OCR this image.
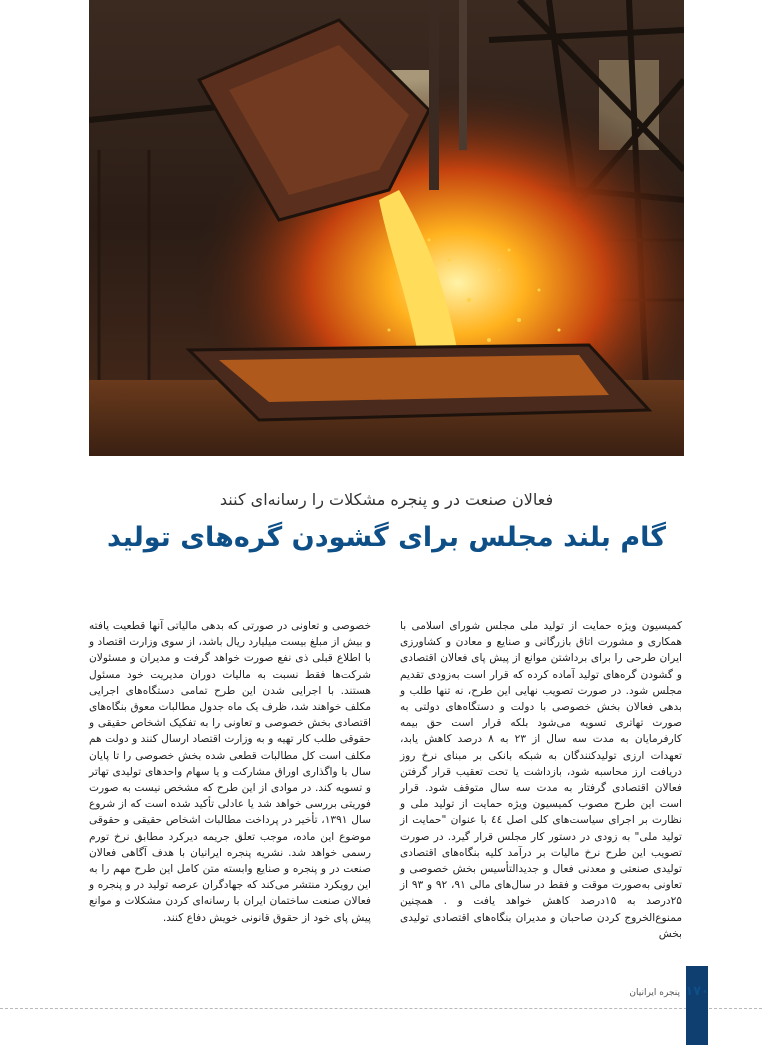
فعالان صنعت در و پنجره مشکلات را رسانه‌ای کنند
گام بلند مجلس برای گشودن گره‌های تولید
کمیسیون ویژه حمایت از تولید ملی مجلس شورای اسلامی با همکاری و مشورت اتاق بازرگانی و صنایع و معادن و کشاورزی ایران طرحی را برای برداشتن موانع از پیش پای فعالان اقتصادی و گشودن گره‌های تولید آماده کرده که قرار است به‌زودی تقدیم مجلس شود. در صورت تصویب نهایی این طرح، نه تنها طلب و بدهی فعالان بخش خصوصی با دولت و دستگاه‌های دولتی به صورت تهاتری تسویه می‌شود بلکه قرار است حق بیمه کارفرمایان به مدت سه سال از ۲۳ به ۸ درصد کاهش یابد، تعهدات ارزی تولیدکنندگان به شبکه بانکی بر مبنای نرخ روز دریافت ارز محاسبه شود، بازداشت یا تحت تعقیب قرار گرفتن فعالان اقتصادی گرفتار به مدت سه سال متوقف شود. قرار است این طرح مصوب کمیسیون ویژه حمایت از تولید ملی و نظارت بر اجرای سیاست‌های کلی اصل ٤٤ با عنوان "حمایت از تولید ملی" به زودی در دستور کار مجلس قرار گیرد. در صورت تصویب این طرح نرخ مالیات بر درآمد کلیه بنگاه‌های اقتصادی تولیدی صنعتی و معدنی فعال و جدیدالتأسیس بخش خصوصی و تعاونی به‌صورت موقت و فقط در سال‌های مالی ۹۱، ۹۲ و ۹۳ از ۲۵درصد به ۱۵درصد کاهش خواهد یافت و . همچنین ممنوع‌الخروج کردن صاحبان و مدیران بنگاه‌های اقتصادی تولیدی بخش
خصوصی و تعاونی در صورتی که بدهی مالیاتی آنها قطعیت یافته و بیش از مبلغ بیست میلیارد ریال باشد، از سوی وزارت اقتصاد و با اطلاع قبلی ذی نفع صورت خواهد گرفت و مدیران و مسئولان شرکت‌ها فقط نسبت به مالیات دوران مدیریت خود مسئول هستند. با اجرایی شدن این طرح تمامی دستگاه‌های اجرایی مکلف خواهند شد، ظرف یک ماه جدول مطالبات معوق بنگاه‌های اقتصادی بخش خصوصی و تعاونی را به تفکیک اشخاص حقیقی و حقوقی طلب کار تهیه و به وزارت اقتصاد ارسال کنند و دولت هم مکلف است کل مطالبات قطعی شده بخش خصوصی را تا پایان سال با واگذاری اوراق مشارکت و یا سهام واحدهای تولیدی تهاتر و تسویه کند. در موادی از این طرح که مشخص نیست به صورت فوریتی بررسی خواهد شد یا عادلی تأکید شده است که از شروع سال ۱۳۹۱، تأخیر در پرداخت مطالبات اشخاص حقیقی و حقوقی موضوع این ماده، موجب تعلق جریمه دیرکرد مطابق نرخ تورم رسمی خواهد شد. نشریه پنجره ایرانیان با هدف آگاهی فعالان صنعت در و پنجره و صنایع وابسته متن کامل این طرح مهم را به این رویکرد منتشر می‌کند که جهادگران عرصه تولید در و پنجره و فعالان صنعت ساختمان ایران با رسانه‌ای کردن مشکلات و موانع پیش پای خود از حقوق قانونی خویش دفاع کنند.
۱۷۰
پنجره ایرانیان
